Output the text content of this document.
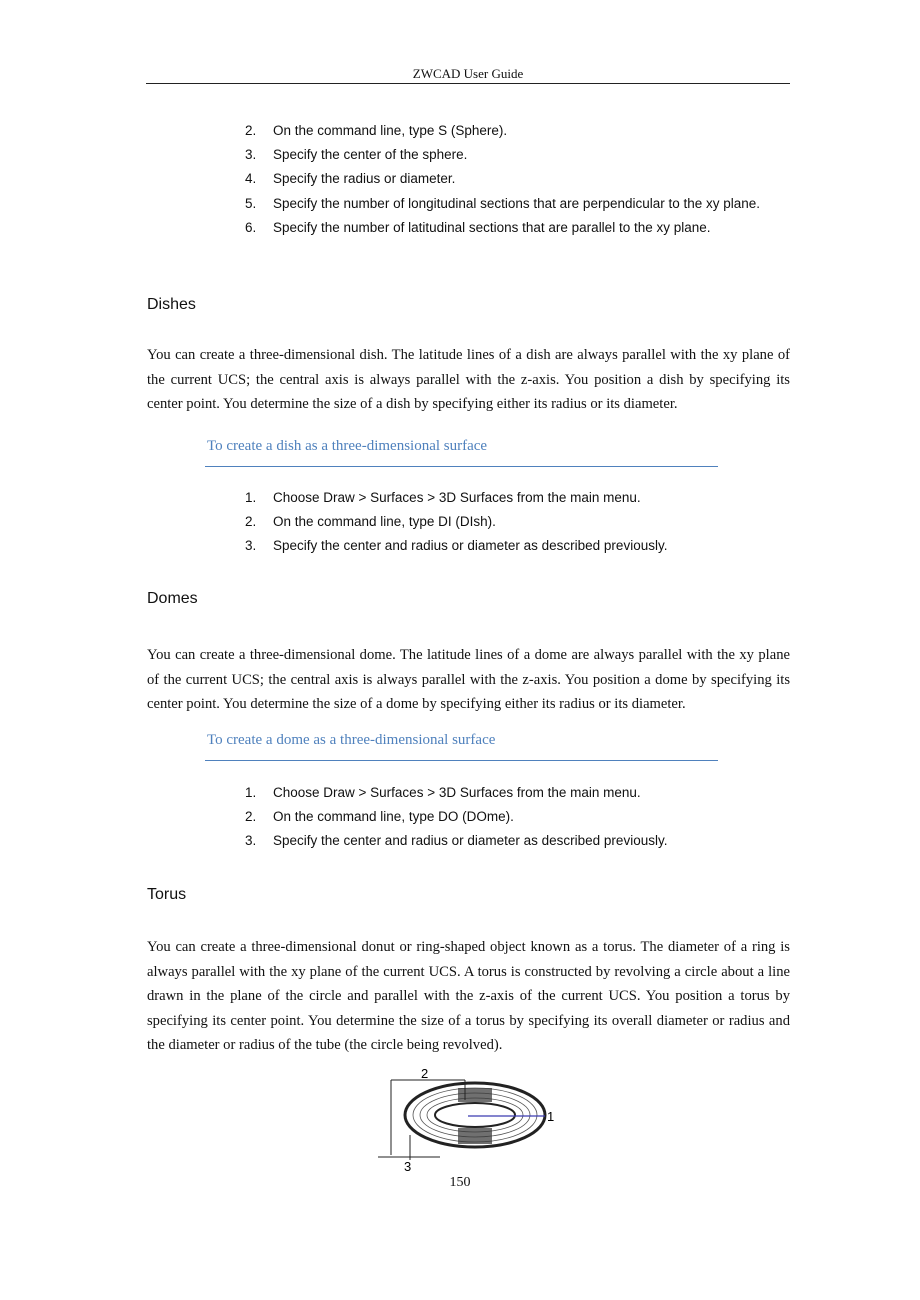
ZWCAD User Guide
2. On the command line, type S (Sphere).
3. Specify the center of the sphere.
4. Specify the radius or diameter.
5. Specify the number of longitudinal sections that are perpendicular to the xy plane.
6. Specify the number of latitudinal sections that are parallel to the xy plane.
Dishes
You can create a three-dimensional dish. The latitude lines of a dish are always parallel with the xy plane of the current UCS; the central axis is always parallel with the z-axis. You position a dish by specifying its center point. You determine the size of a dish by specifying either its radius or its diameter.
To create a dish as a three-dimensional surface
1. Choose Draw > Surfaces > 3D Surfaces from the main menu.
2. On the command line, type DI (DIsh).
3. Specify the center and radius or diameter as described previously.
Domes
You can create a three-dimensional dome. The latitude lines of a dome are always parallel with the xy plane of the current UCS; the central axis is always parallel with the z-axis. You position a dome by specifying its center point. You determine the size of a dome by specifying either its radius or its diameter.
To create a dome as a three-dimensional surface
1. Choose Draw > Surfaces > 3D Surfaces from the main menu.
2. On the command line, type DO (DOme).
3. Specify the center and radius or diameter as described previously.
Torus
You can create a three-dimensional donut or ring-shaped object known as a torus. The diameter of a ring is always parallel with the xy plane of the current UCS. A torus is constructed by revolving a circle about a line drawn in the plane of the circle and parallel with the z-axis of the current UCS. You position a torus by specifying its center point. You determine the size of a torus by specifying its overall diameter or radius and the diameter or radius of the tube (the circle being revolved).
2
1
3
150
